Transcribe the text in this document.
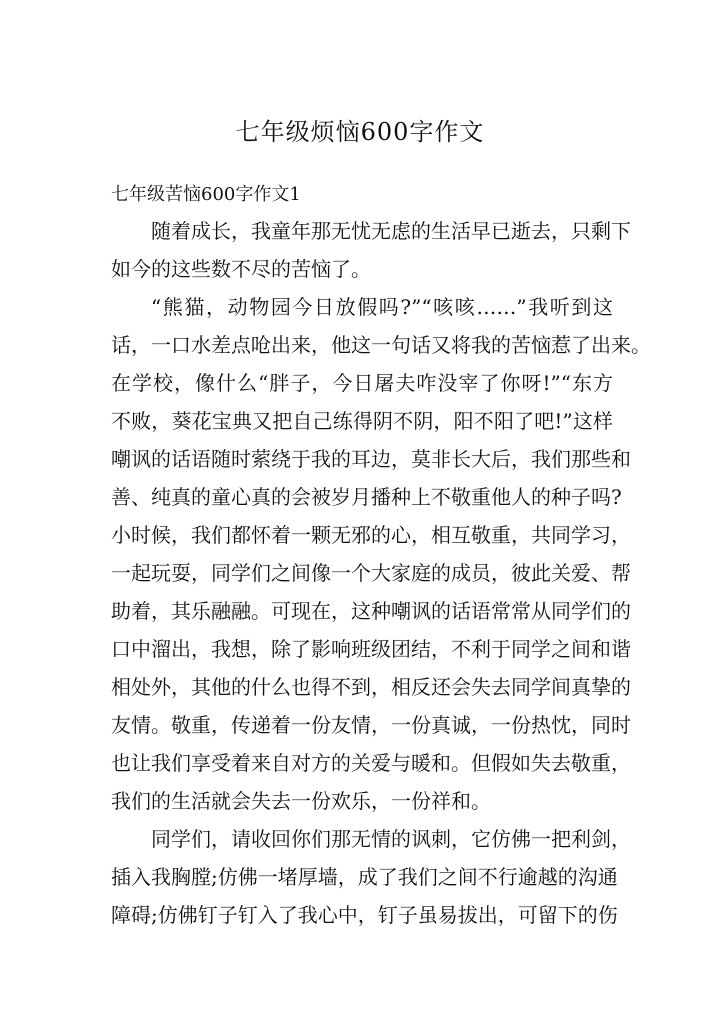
七年级烦恼600字作文
七年级苦恼600字作文1
随着成长，我童年那无忧无虑的生活早已逝去，只剩下
如今的这些数不尽的苦恼了。
“熊猫，动物园今日放假吗?”“咳咳……”我听到这
话，一口水差点呛出来，他这一句话又将我的苦恼惹了出来。
在学校，像什么“胖子，今日屠夫咋没宰了你呀!”“东方
不败，葵花宝典又把自己练得阴不阴，阳不阳了吧!”这样
嘲讽的话语随时萦绕于我的耳边，莫非长大后，我们那些和
善、纯真的童心真的会被岁月播种上不敬重他人的种子吗?
小时候，我们都怀着一颗无邪的心，相互敬重，共同学习，
一起玩耍，同学们之间像一个大家庭的成员，彼此关爱、帮
助着，其乐融融。可现在，这种嘲讽的话语常常从同学们的
口中溜出，我想，除了影响班级团结，不利于同学之间和谐
相处外，其他的什么也得不到，相反还会失去同学间真挚的
友情。敬重，传递着一份友情，一份真诚，一份热忱，同时
也让我们享受着来自对方的关爱与暖和。但假如失去敬重，
我们的生活就会失去一份欢乐，一份祥和。
同学们，请收回你们那无情的讽刺，它仿佛一把利剑，
插入我胸膛;仿佛一堵厚墙，成了我们之间不行逾越的沟通
障碍;仿佛钉子钉入了我心中，钉子虽易拔出，可留下的伤
